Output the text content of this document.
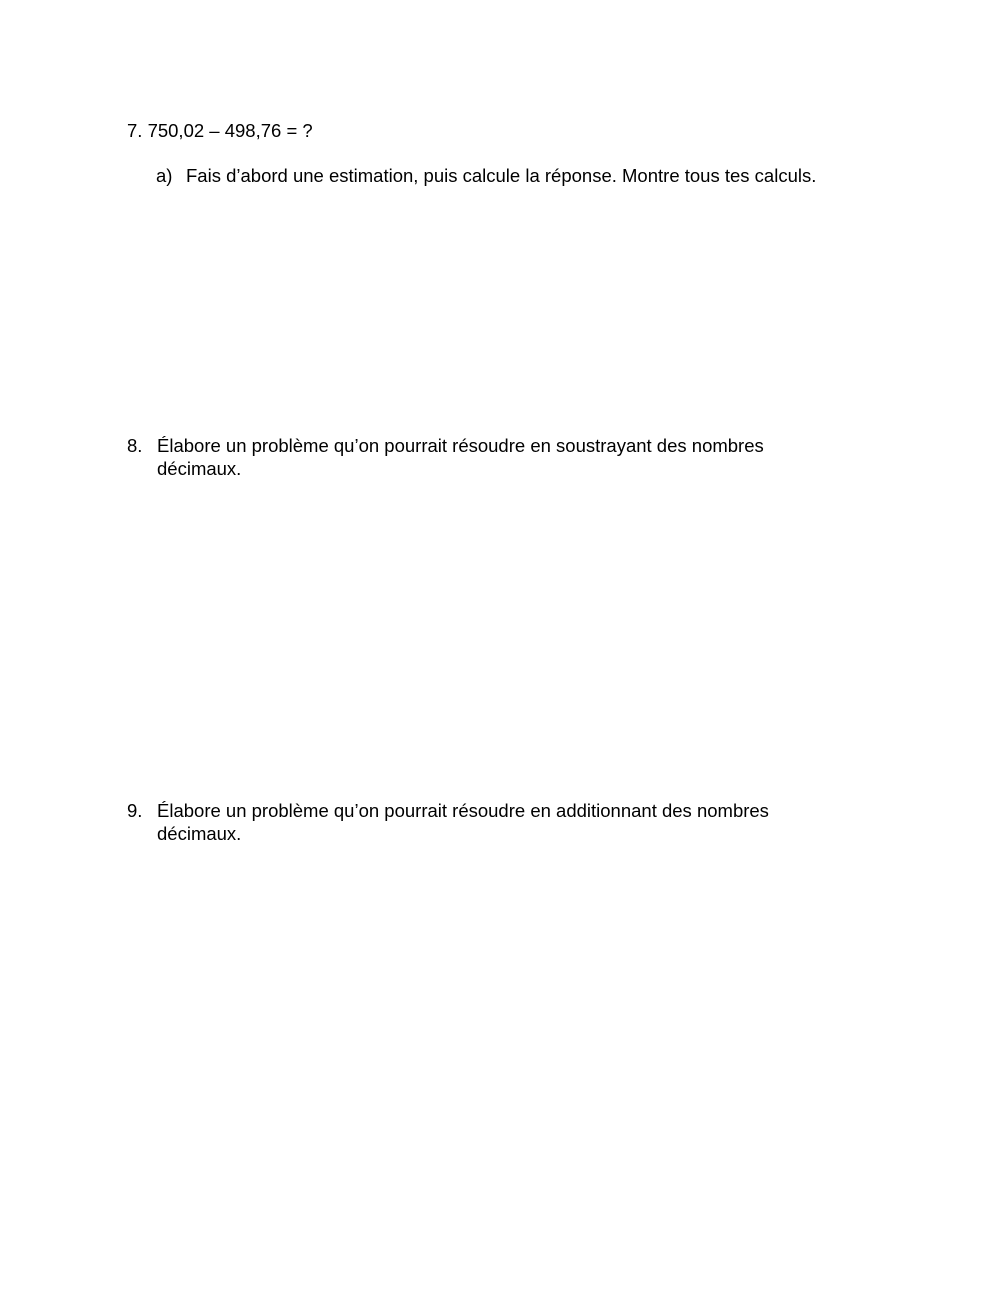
7. 750,02 – 498,76 = ?
a) Fais d’abord une estimation, puis calcule la réponse. Montre tous tes calculs.
8. Élabore un problème qu’on pourrait résoudre en soustrayant des nombres décimaux.
9. Élabore un problème qu’on pourrait résoudre en additionnant des nombres décimaux.
